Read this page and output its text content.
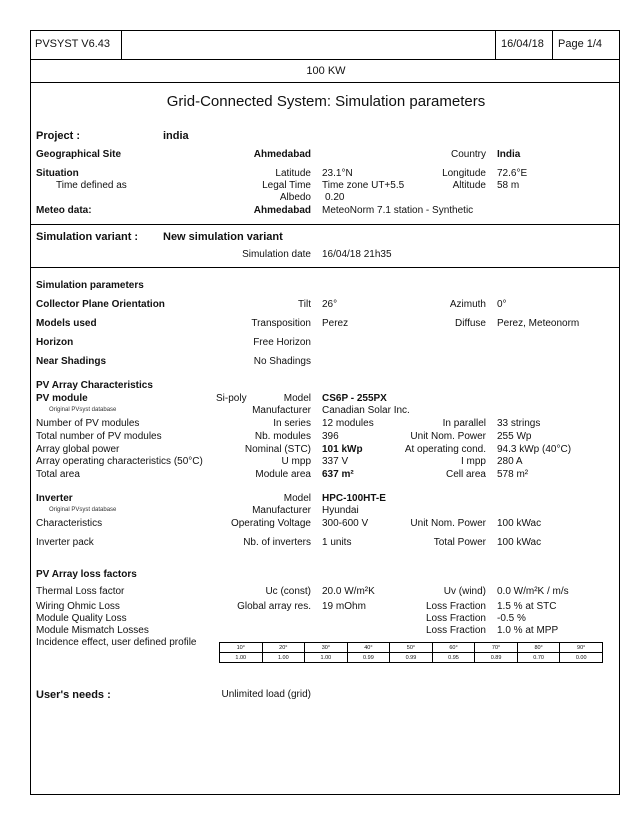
PVSYST V6.43	16/04/18 Page 1/4
100 KW
Grid-Connected System: Simulation parameters
Project :	india
Geographical Site	Ahmedabad	Country India
Situation	Latitude 23.1°N	Longitude 72.6°E
Time defined as	Legal Time Time zone UT+5.5	Altitude 58 m
Albedo 0.20
Meteo data:	Ahmedabad MeteoNorm 7.1 station - Synthetic
Simulation variant : New simulation variant
Simulation date 16/04/18 21h35
Simulation parameters
Collector Plane Orientation	Tilt 26°	Azimuth 0°
Models used	Transposition Perez	Diffuse Perez, Meteonorm
Horizon	Free Horizon
Near Shadings	No Shadings
PV Array Characteristics
PV module	Si-poly	Model CS6P - 255PX
Original PVsyst database	Manufacturer Canadian Solar Inc.
Number of PV modules	In series 12 modules	In parallel 33 strings
Total number of PV modules	Nb. modules 396	Unit Nom. Power 255 Wp
Array global power	Nominal (STC) 101 kWp	At operating cond. 94.3 kWp (40°C)
Array operating characteristics (50°C)	U mpp 337 V	I mpp 280 A
Total area	Module area 637 m²	Cell area 578 m²
Inverter	Model HPC-100HT-E
Original PVsyst database	Manufacturer Hyundai
Characteristics	Operating Voltage 300-600 V	Unit Nom. Power 100 kWac
Inverter pack	Nb. of inverters 1 units	Total Power 100 kWac
PV Array loss factors
Thermal Loss factor	Uc (const) 20.0 W/m²K	Uv (wind) 0.0 W/m²K / m/s
Wiring Ohmic Loss	Global array res. 19 mOhm	Loss Fraction 1.5 % at STC
Module Quality Loss	Loss Fraction -0.5 %
Module Mismatch Losses	Loss Fraction 1.0 % at MPP
Incidence effect, user defined profile	10°	20°	30°	40°	50°	60°	70°	80°	90°
1.00	1.00	1.00	0.99	0.99	0.95	0.89	0.70	0.00
User's needs :	Unlimited load (grid)
